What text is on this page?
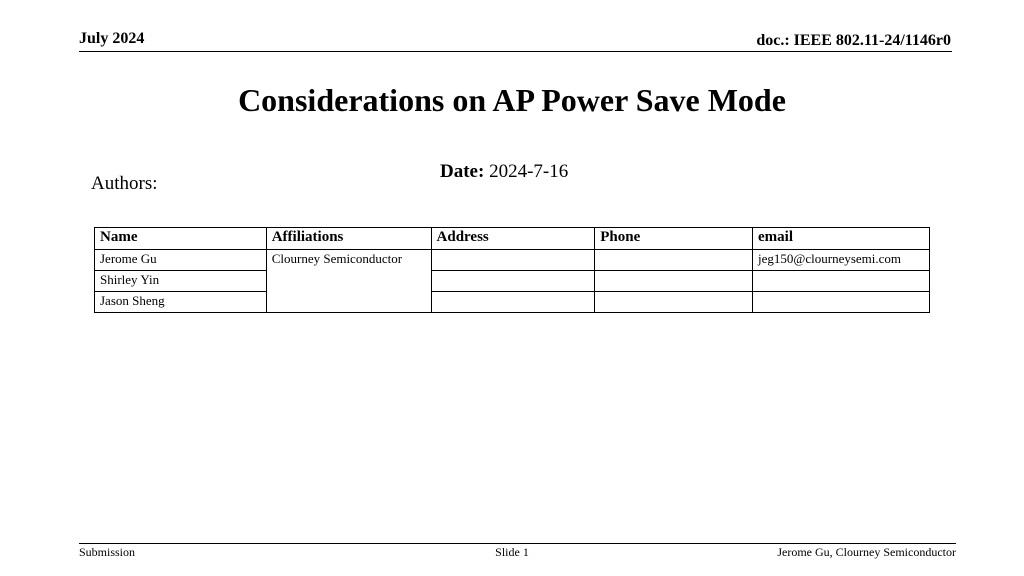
July 2024	doc.: IEEE 802.11-24/1146r0
Considerations on AP Power Save Mode
Date: 2024-7-16
Authors:
Name	Affiliations	Address	Phone	email
Jerome Gu	Clourney Semiconductor			jeg150@clourneysemi.com
Shirley Yin				
Jason Sheng				
Submission	Slide 1	Jerome Gu, Clourney Semiconductor
